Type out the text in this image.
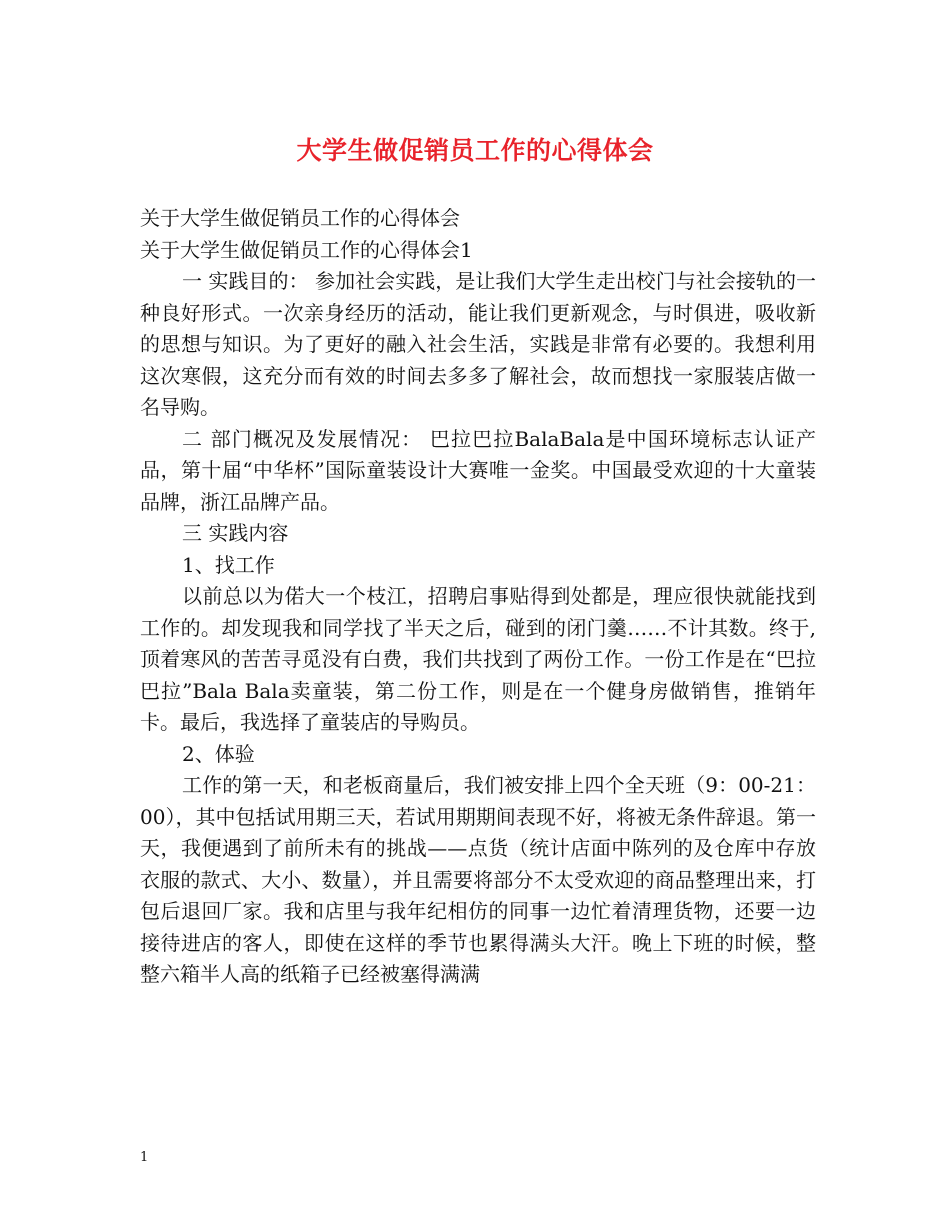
大学生做促销员工作的心得体会
关于大学生做促销员工作的心得体会
关于大学生做促销员工作的心得体会1

一 实践目的： 参加社会实践，是让我们大学生走出校门与社会接轨的一种良好形式。一次亲身经历的活动，能让我们更新观念，与时俱进，吸收新的思想与知识。为了更好的融入社会生活，实践是非常有必要的。我想利用这次寒假，这充分而有效的时间去多多了解社会，故而想找一家服装店做一名导购。

二 部门概况及发展情况： 巴拉巴拉BalaBala是中国环境标志认证产品，第十届“中华杯”国际童装设计大赛唯一金奖。中国最受欢迎的十大童装品牌，浙江品牌产品。

三 实践内容
1、找工作

以前总以为偌大一个枝江，招聘启事贴得到处都是，理应很快就能找到工作的。却发现我和同学找了半天之后，碰到的闭门羹……不计其数。终于,顶着寒风的苦苦寻觅没有白费，我们共找到了两份工作。一份工作是在“巴拉巴拉”Bala Bala卖童装，第二份工作，则是在一个健身房做销售，推销年卡。最后，我选择了童装店的导购员。

2、体验

工作的第一天，和老板商量后，我们被安排上四个全天班（9：00-21：00），其中包括试用期三天，若试用期期间表现不好，将被无条件辞退。第一天，我便遇到了前所未有的挑战——点货（统计店面中陈列的及仓库中存放衣服的款式、大小、数量），并且需要将部分不太受欢迎的商品整理出来，打包后退回厂家。我和店里与我年纪相仿的同事一边忙着清理货物，还要一边接待进店的客人，即使在这样的季节也累得满头大汗。晚上下班的时候，整整六箱半人高的纸箱子已经被塞得满满

1
